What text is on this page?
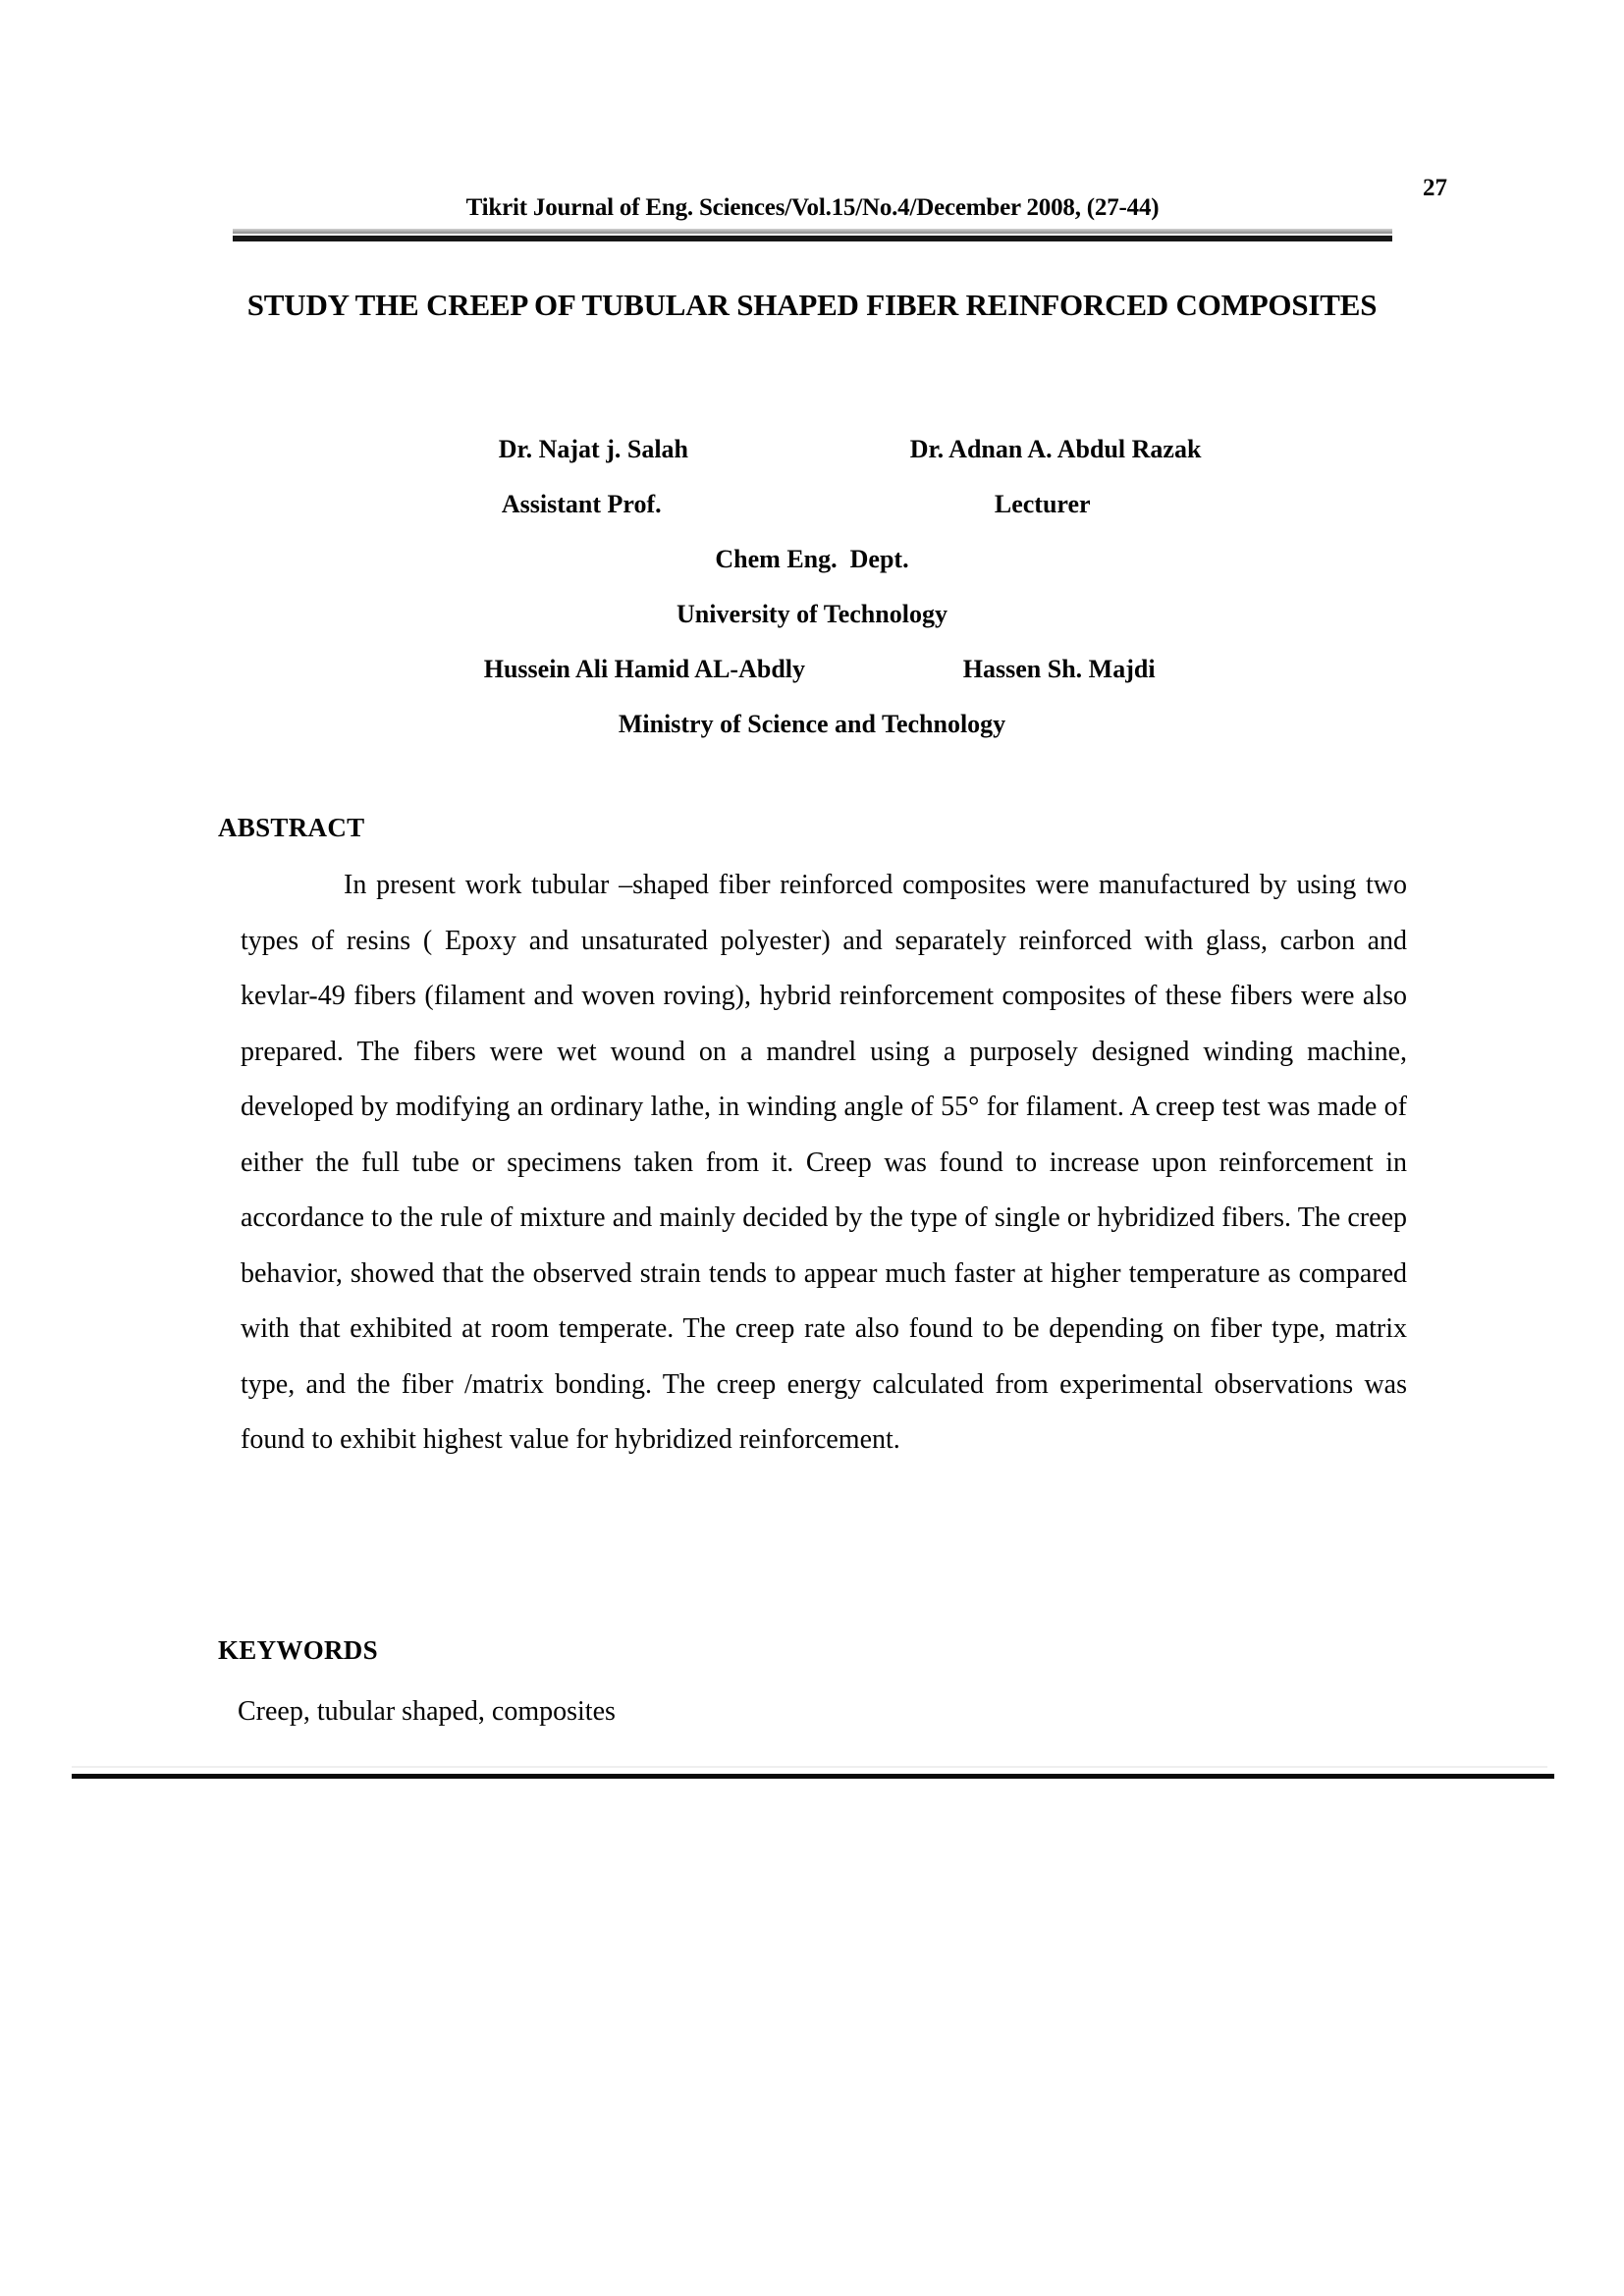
27
Tikrit Journal of Eng. Sciences/Vol.15/No.4/December 2008, (27-44)
STUDY THE CREEP OF TUBULAR SHAPED FIBER REINFORCED COMPOSITES

Dr. Najat j. Salah

	Dr. Adnan A. Abdul Razak

Assistant Prof.

	Lecturer

Chem Eng.  Dept.
University of Technology

Hussein Ali Hamid AL-Abdly

	Hassen Sh. Majdi

Ministry of Science and Technology
ABSTRACT

In present work tubular –shaped fiber reinforced composites were manufactured by using two types of resins ( Epoxy and unsaturated polyester) and separately reinforced with glass, carbon and kevlar-49 fibers (filament and woven roving), hybrid reinforcement composites of these fibers were also prepared. The fibers were wet wound on a mandrel using a purposely designed winding machine, developed by modifying an ordinary lathe, in winding angle of 55° for filament. A creep test was made of either the full tube or specimens taken from it. Creep was found to increase upon reinforcement in accordance to the rule of mixture and mainly decided by the type of single or hybridized fibers. The creep behavior, showed that the observed strain tends to appear much faster at higher temperature as compared with that exhibited at room temperate. The creep rate also found to be depending on fiber type, matrix type, and the fiber /matrix bonding. The creep energy calculated from experimental observations was found to exhibit highest value for hybridized reinforcement.

KEYWORDS

Creep, tubular shaped, composites
